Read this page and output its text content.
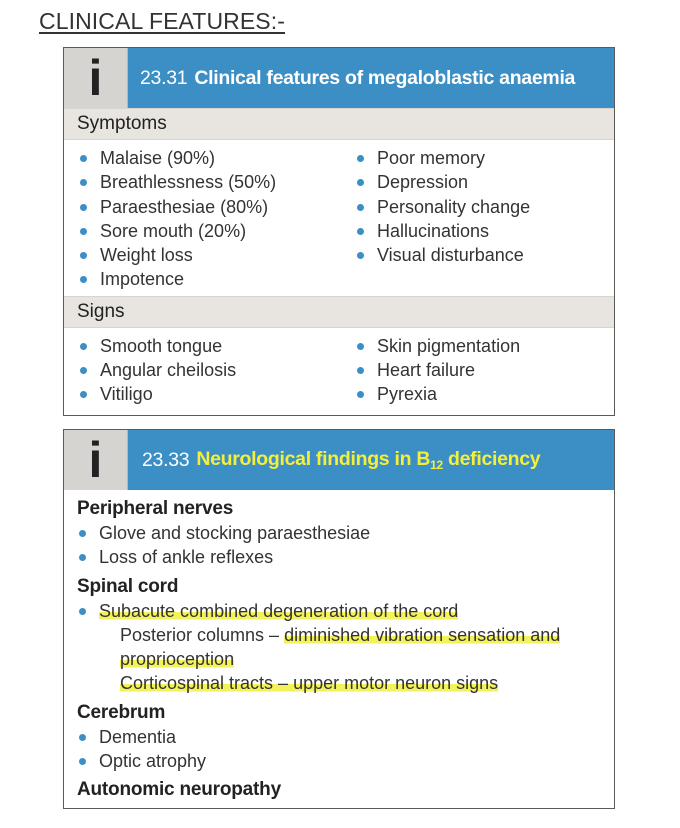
CLINICAL FEATURES:-
i 23.31 Clinical features of megaloblastic anaemia
Symptoms
Malaise (90%)
Breathlessness (50%)
Paraesthesiae (80%)
Sore mouth (20%)
Weight loss
Impotence
Poor memory
Depression
Personality change
Hallucinations
Visual disturbance
Signs
Smooth tongue
Angular cheilosis
Vitiligo
Skin pigmentation
Heart failure
Pyrexia
i 23.33 Neurological findings in $B_{12}$ deficiency
Peripheral nerves
Glove and stocking paraesthesiae
Loss of ankle reflexes
Spinal cord
Subacute combined degeneration of the cord
Posterior columns – diminished vibration sensation and
proprioception
Corticospinal tracts – upper motor neuron signs
Cerebrum
Dementia
Optic atrophy
Autonomic neuropathy
